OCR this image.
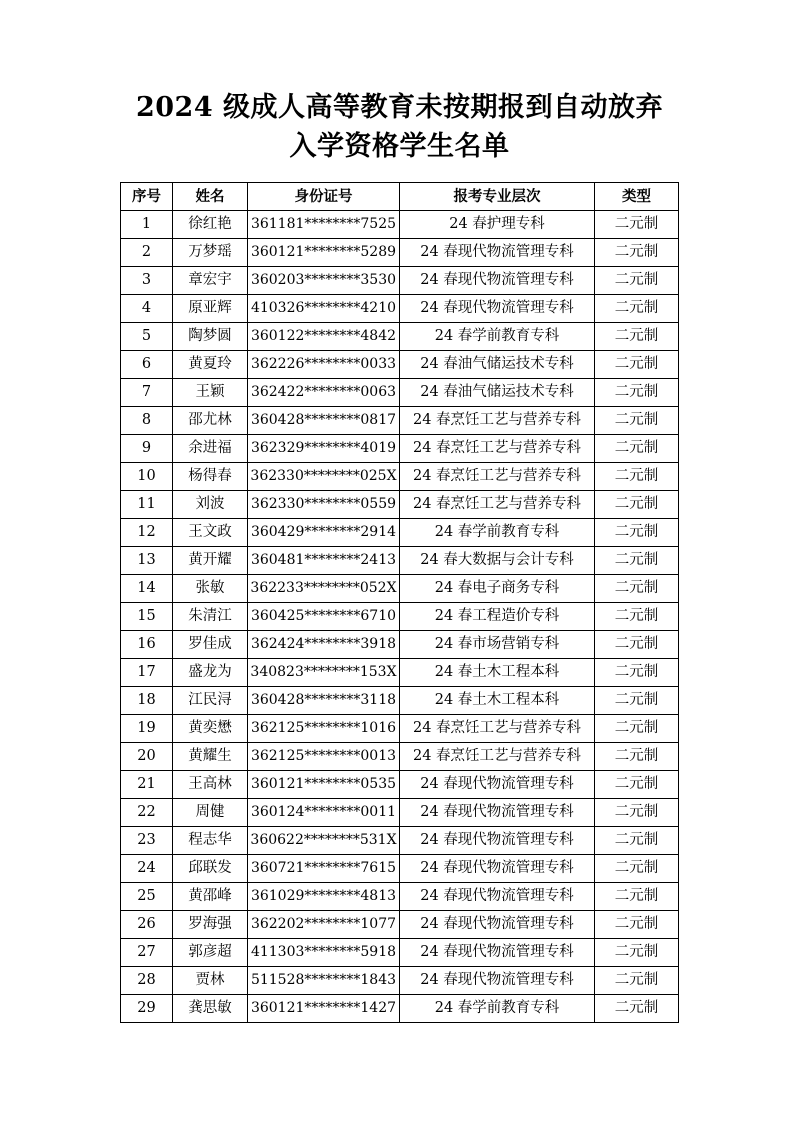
2024 级成人高等教育未按期报到自动放弃
入学资格学生名单
序号	姓名	身份证号	报考专业层次	类型
1	徐红艳	361181********7525	24 春护理专科	二元制
2	万梦瑶	360121********5289	24 春现代物流管理专科	二元制
3	章宏宇	360203********3530	24 春现代物流管理专科	二元制
4	原亚辉	410326********4210	24 春现代物流管理专科	二元制
5	陶梦圆	360122********4842	24 春学前教育专科	二元制
6	黄夏玲	362226********0033	24 春油气储运技术专科	二元制
7	王颖	362422********0063	24 春油气储运技术专科	二元制
8	邵尤林	360428********0817	24 春烹饪工艺与营养专科	二元制
9	余进福	362329********4019	24 春烹饪工艺与营养专科	二元制
10	杨得春	362330********025X	24 春烹饪工艺与营养专科	二元制
11	刘波	362330********0559	24 春烹饪工艺与营养专科	二元制
12	王文政	360429********2914	24 春学前教育专科	二元制
13	黄开耀	360481********2413	24 春大数据与会计专科	二元制
14	张敏	362233********052X	24 春电子商务专科	二元制
15	朱清江	360425********6710	24 春工程造价专科	二元制
16	罗佳成	362424********3918	24 春市场营销专科	二元制
17	盛龙为	340823********153X	24 春土木工程本科	二元制
18	江民浔	360428********3118	24 春土木工程本科	二元制
19	黄奕懋	362125********1016	24 春烹饪工艺与营养专科	二元制
20	黄耀生	362125********0013	24 春烹饪工艺与营养专科	二元制
21	王高林	360121********0535	24 春现代物流管理专科	二元制
22	周健	360124********0011	24 春现代物流管理专科	二元制
23	程志华	360622********531X	24 春现代物流管理专科	二元制
24	邱联发	360721********7615	24 春现代物流管理专科	二元制
25	黄邵峰	361029********4813	24 春现代物流管理专科	二元制
26	罗海强	362202********1077	24 春现代物流管理专科	二元制
27	郭彦超	411303********5918	24 春现代物流管理专科	二元制
28	贾林	511528********1843	24 春现代物流管理专科	二元制
29	龚思敏	360121********1427	24 春学前教育专科	二元制
